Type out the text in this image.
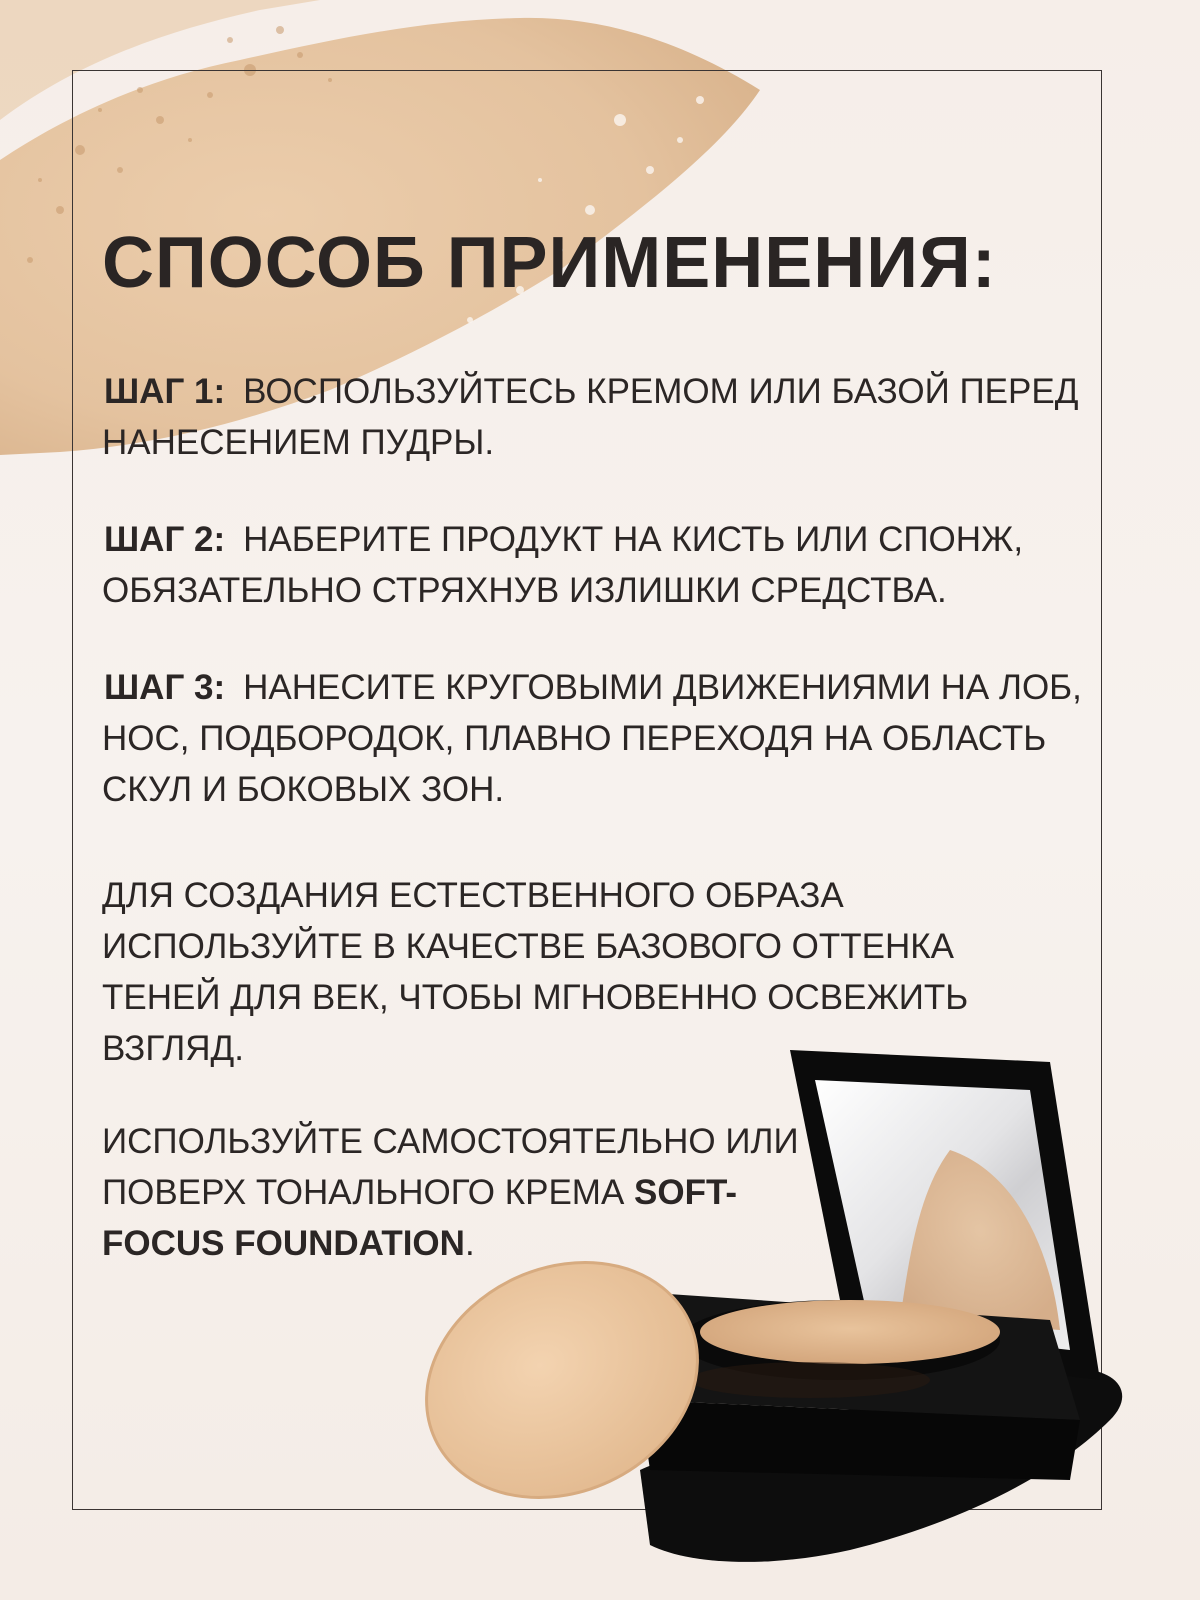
СПОСОБ ПРИМЕНЕНИЯ:
ШАГ 1: ВОСПОЛЬЗУЙТЕСЬ КРЕМОМ ИЛИ БАЗОЙ ПЕРЕД НАНЕСЕНИЕМ ПУДРЫ.
ШАГ 2: НАБЕРИТЕ ПРОДУКТ НА КИСТЬ ИЛИ СПОНЖ, ОБЯЗАТЕЛЬНО СТРЯХНУВ ИЗЛИШКИ СРЕДСТВА.
ШАГ 3: НАНЕСИТЕ КРУГОВЫМИ ДВИЖЕНИЯМИ НА ЛОБ, НОС, ПОДБОРОДОК, ПЛАВНО ПЕРЕХОДЯ НА ОБЛАСТЬ СКУЛ И БОКОВЫХ ЗОН.
ДЛЯ СОЗДАНИЯ ЕСТЕСТВЕННОГО ОБРАЗА ИСПОЛЬЗУЙТЕ В КАЧЕСТВЕ БАЗОВОГО ОТТЕНКА ТЕНЕЙ ДЛЯ ВЕК, ЧТОБЫ МГНОВЕННО ОСВЕЖИТЬ ВЗГЛЯД.
ИСПОЛЬЗУЙТЕ САМОСТОЯТЕЛЬНО ИЛИ ПОВЕРХ ТОНАЛЬНОГО КРЕМА SOFT-FOCUS FOUNDATION.
